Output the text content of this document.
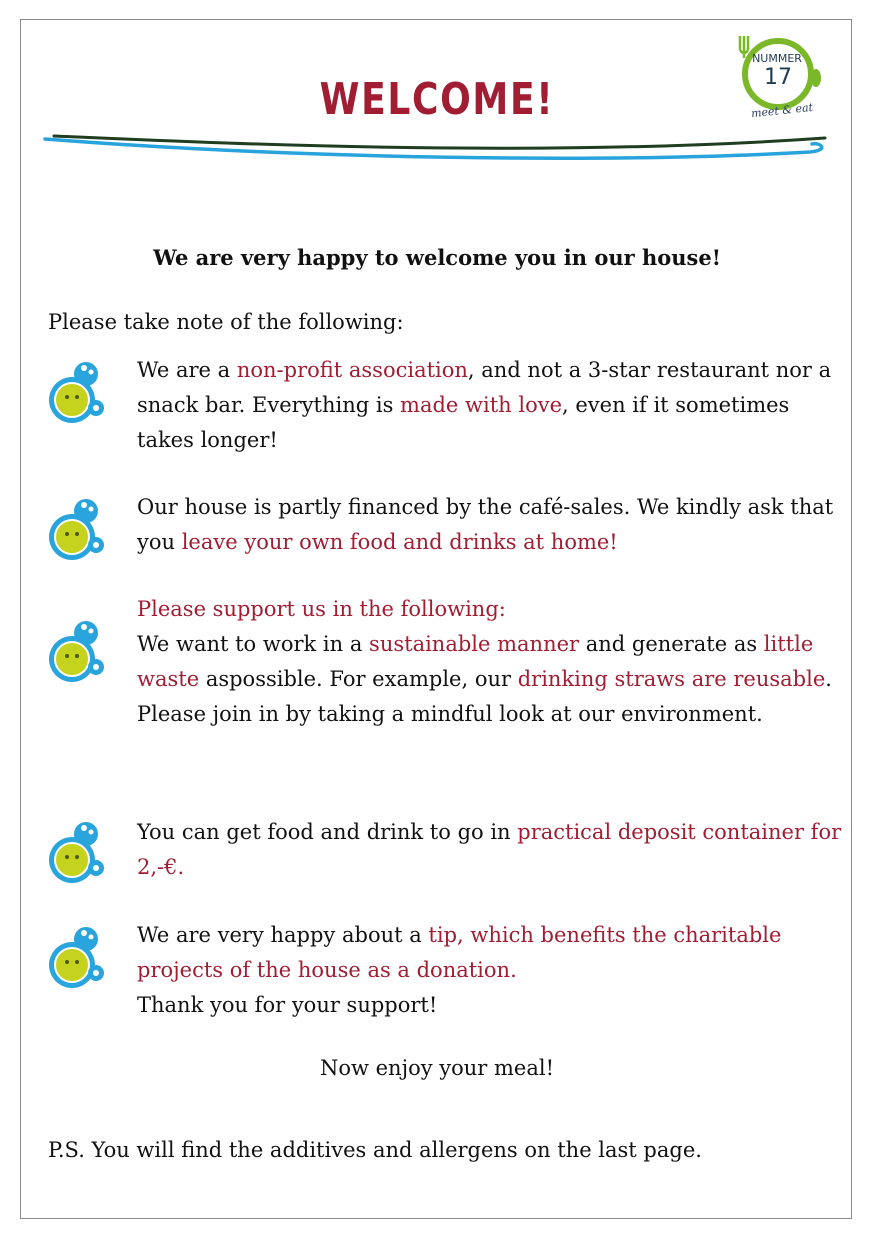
WELCOME!
NUMMER
17
meet & eat
We are very happy to welcome you in our house!
Please take note of the following:

We are a non-profit association, and not a 3-star restaurant nor a snack bar. Everything is made with love, even if it sometimes takes longer!

Our house is partly financed by the café-sales. We kindly ask that you leave your own food and drinks at home!

Please support us in the following:

We want to work in a sustainable manner and generate as little waste aspossible. For example, our drinking straws are reusable. Please join in by taking a mindful look at our environment.

You can get food and drink to go in practical deposit container for 2,-€.

We are very happy about a tip, which benefits the charitable projects of the house as a donation.

Thank you for your support!

Now enjoy your meal!
P.S. You will find the additives and allergens on the last page.
